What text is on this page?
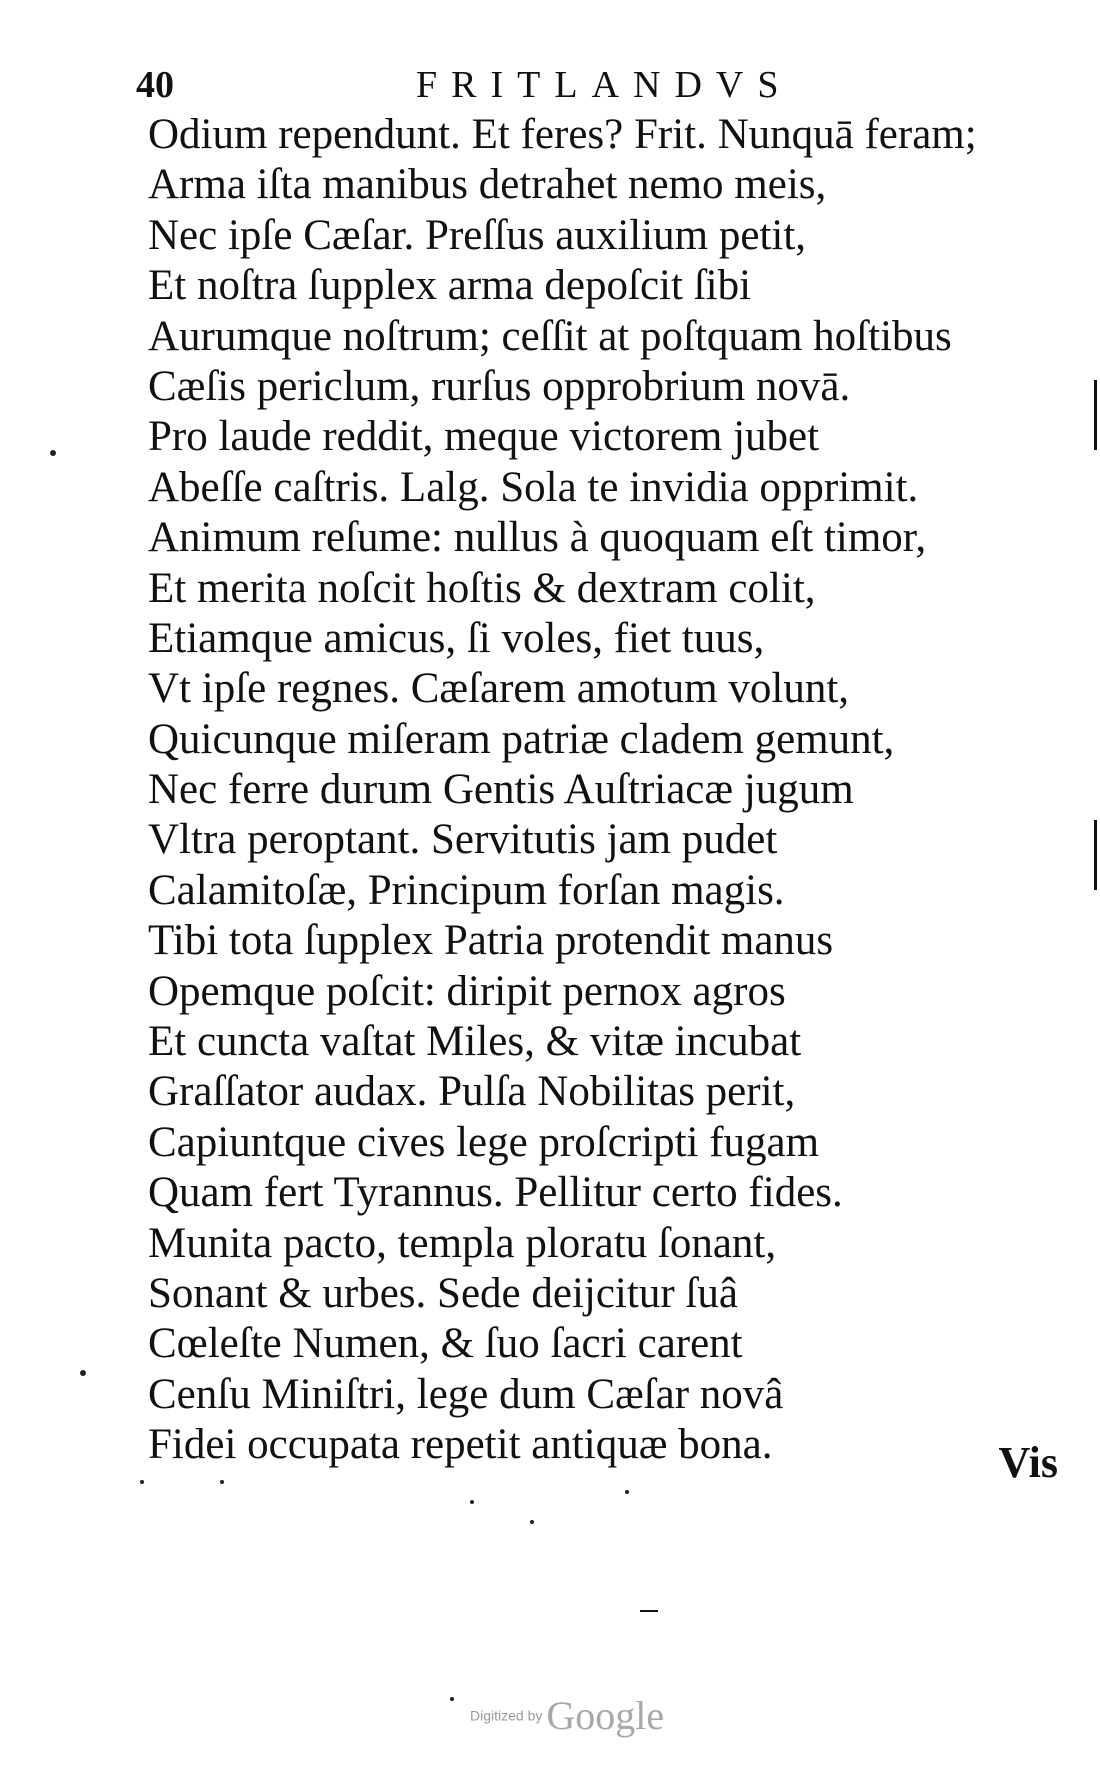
40	FRITLANDVS
Odium rependunt. Et feres? Frit. Nunquā feram;
Arma iſta manibus detrahet nemo meis,
Nec ipſe Cæſar. Preſſus auxilium petit,
Et noſtra ſupplex arma depoſcit ſibi
Aurumque noſtrum; ceſſit at poſtquam hoſtibus
Cæſis periclum, rurſus opprobrium novā.
Pro laude reddit, meque victorem jubet
Abeſſe caſtris. Lalg. Sola te invidia opprimit.
Animum reſume: nullus à quoquam eſt timor,
Et merita noſcit hoſtis & dextram colit,
Etiamque amicus, ſi voles, fiet tuus,
Vt ipſe regnes. Cæſarem amotum volunt,
Quicunque miſeram patriæ cladem gemunt,
Nec ferre durum Gentis Auſtriacæ jugum
Vltra peroptant. Servitutis jam pudet
Calamitoſæ, Principum forſan magis.
Tibi tota ſupplex Patria protendit manus
Opemque poſcit: diripit pernox agros
Et cuncta vaſtat Miles, & vitæ incubat
Graſſator audax. Pulſa Nobilitas perit,
Capiuntque cives lege proſcripti fugam
Quam fert Tyrannus. Pellitur certo fides.
Munita pacto, templa ploratu ſonant,
Sonant & urbes. Sede deijcitur ſuâ
Cœleſte Numen, & ſuo ſacri carent
Cenſu Miniſtri, lege dum Cæſar novâ
Fidei occupata repetit antiquæ bona.	Vis
Digitized by Google
